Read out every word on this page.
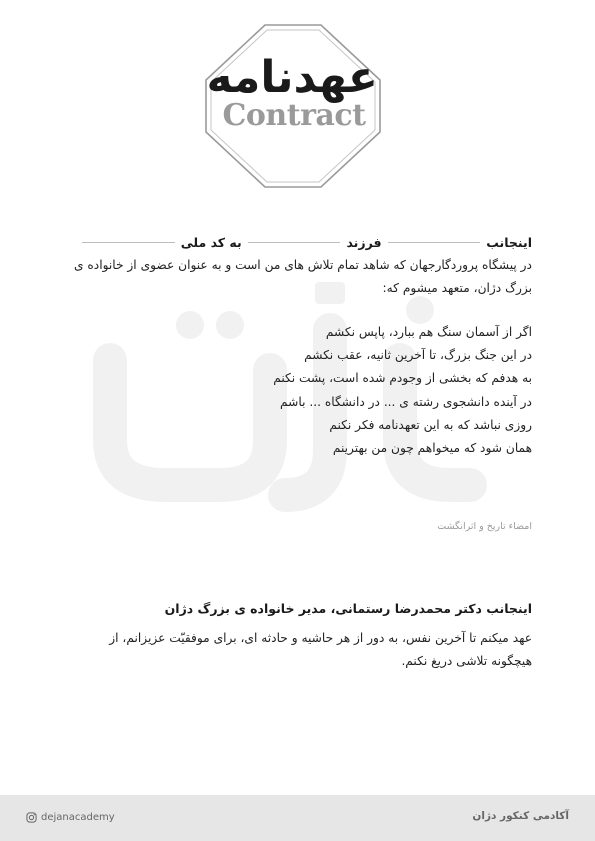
عهدنامه
Contract
اینجانب
فرزند
به کد ملی
در پیشگاه پروردگارجهان که شاهد تمام تلاش های من است و به عنوان عضوی از خانواده ی بزرگ دژان، متعهد میشوم که:
اگر از آسمان سنگ هم ببارد، پاپس نکشم
در این جنگ بزرگ، تا آخرین ثانیه، عقب نکشم
به هدفم که بخشی از وجودم شده است، پشت نکنم
در آینده دانشجوی رشته ی ... در دانشگاه ... باشم
روزی نباشد که به این تعهدنامه فکر نکنم
همان شود که میخواهم چون من بهترینم
امضاء تاریخ و اثرانگشت
اینجانب دکتر محمدرضا رستمانی، مدیر خانواده ی بزرگ دژان
عهد میکنم تا آخرین نفس، به دور از هر حاشیه و حادثه ای، برای موفقیّت عزیزانم، از هیچگونه تلاشی دریغ نکنم.
dejanacademy	آکادمی کنکور دژان
